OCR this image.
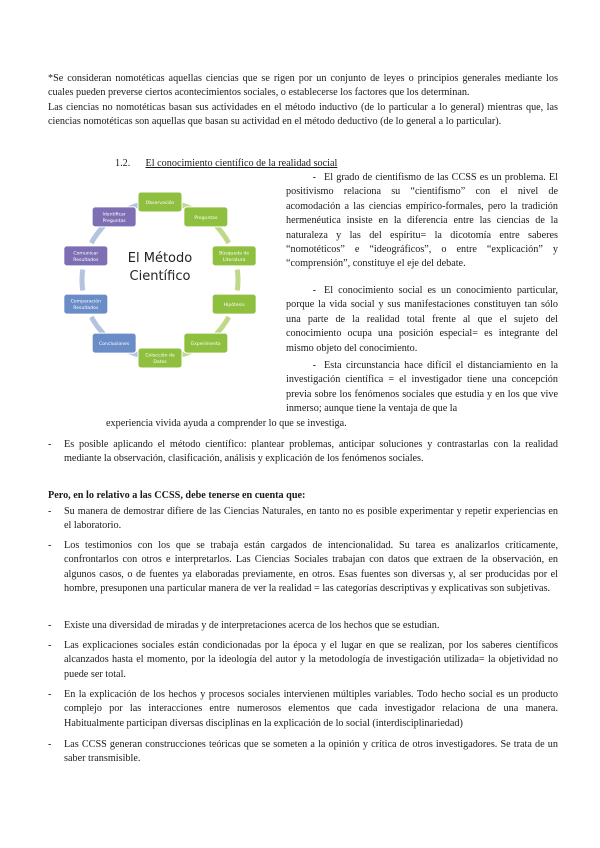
*Se consideran nomotéticas aquellas ciencias que se rigen por un conjunto de leyes o principios generales mediante los cuales pueden preverse ciertos acontecimientos sociales, o establecerse los factores que los determinan.

Las ciencias no nomotéticas basan sus actividades en el método inductivo (de lo particular a lo general) mientras que, las ciencias nomotéticas son aquellas que basan su actividad en el método deductivo (de lo general a lo particular).

1.2. El conocimiento científico de la realidad social
Observación
Preguntas
Búsqueda de
Literatura
Hipótesis
Experimento
Colección de
Datos
Conclusiones
Comparación
Resultados
Comunicar
Resultados
Identificar
Preguntas
El Método
Científico
- El grado de cientifismo de las CCSS es un problema. El positivismo relaciona su “cientifismo” con el nivel de acomodación a las ciencias empírico-formales, pero la tradición hermenéutica insiste en la diferencia entre las ciencias de la naturaleza y las del espíritu= la dicotomía entre saberes “nomotéticos” e “ideográficos”, o entre “explicación” y “comprensión”, constituye el eje del debate.
- El conocimiento social es un conocimiento particular, porque la vida social y sus manifestaciones constituyen tan sólo una parte de la realidad total frente al que el sujeto del conocimiento ocupa una posición especial= es integrante del mismo objeto del conocimiento.
- Esta circunstancia hace difícil el distanciamiento en la investigación científica = el investigador tiene una concepción previa sobre los fenómenos sociales que estudia y en los que vive inmerso; aunque tiene la ventaja de que la
experiencia vivida ayuda a comprender lo que se investiga.
- Es posible aplicando el método científico: plantear problemas, anticipar soluciones y contrastarlas con la realidad mediante la observación, clasificación, análisis y explicación de los fenómenos sociales.
Pero, en lo relativo a las CCSS, debe tenerse en cuenta que:
- Su manera de demostrar difiere de las Ciencias Naturales, en tanto no es posible experimentar y repetir experiencias en el laboratorio.
- Los testimonios con los que se trabaja están cargados de intencionalidad. Su tarea es analizarlos críticamente, confrontarlos con otros e interpretarlos. Las Ciencias Sociales trabajan con datos que extraen de la observación, en algunos casos, o de fuentes ya elaboradas previamente, en otros. Esas fuentes son diversas y, al ser producidas por el hombre, presuponen una particular manera de ver la realidad = las categorías descriptivas y explicativas son subjetivas.
- Existe una diversidad de miradas y de interpretaciones acerca de los hechos que se estudian.
- Las explicaciones sociales están condicionadas por la época y el lugar en que se realizan, por los saberes científicos alcanzados hasta el momento, por la ideología del autor y la metodología de investigación utilizada= la objetividad no puede ser total.
- En la explicación de los hechos y procesos sociales intervienen múltiples variables. Todo hecho social es un producto complejo por las interacciones entre numerosos elementos que cada investigador relaciona de una manera. Habitualmente participan diversas disciplinas en la explicación de lo social (interdisciplinariedad)
- Las CCSS generan construcciones teóricas que se someten a la opinión y crítica de otros investigadores. Se trata de un saber transmisible.
